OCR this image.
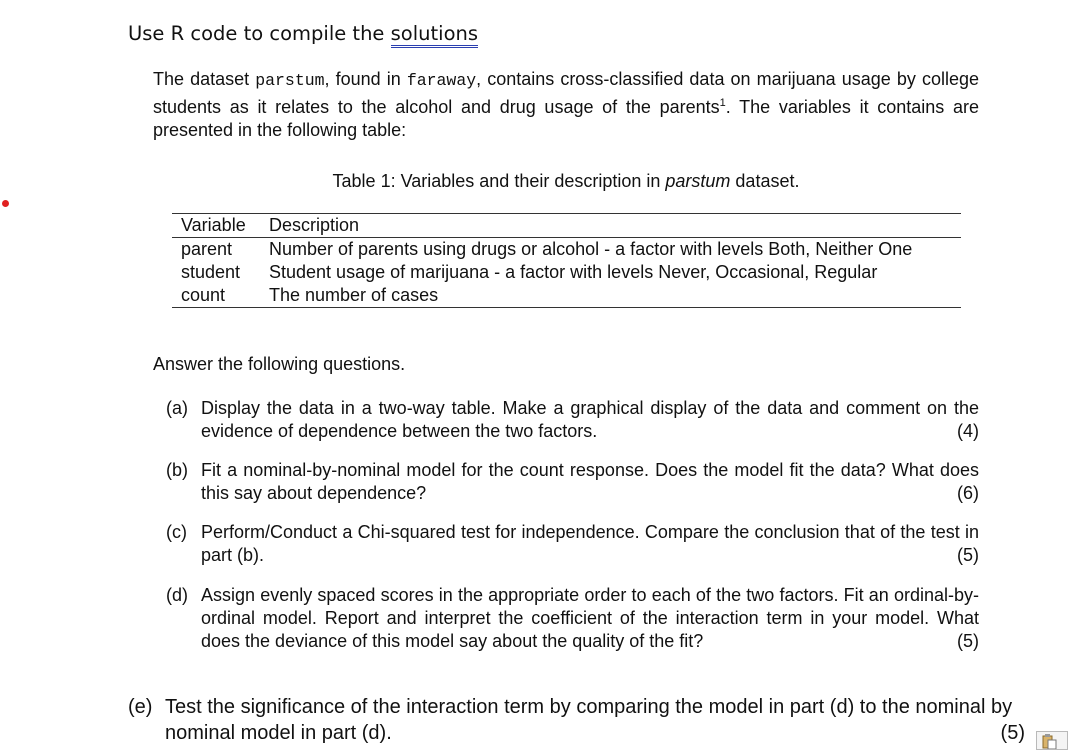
Use R code to compile the solutions
The dataset parstum, found in faraway, contains cross-classified data on marijuana usage by college students as it relates to the alcohol and drug usage of the parents$^1$. The variables it contains are presented in the following table:
Table 1: Variables and their description in parstum dataset.
Variable	Description
parent	Number of parents using drugs or alcohol - a factor with levels Both, Neither One
student	Student usage of marijuana - a factor with levels Never, Occasional, Regular
count	The number of cases
Answer the following questions.
(a) Display the data in a two-way table. Make a graphical display of the data and comment on the evidence of dependence between the two factors.	(4)
(b) Fit a nominal-by-nominal model for the count response. Does the model fit the data? What does this say about dependence?	(6)
(c) Perform/Conduct a Chi-squared test for independence. Compare the conclusion that of the test in part (b).	(5)
(d) Assign evenly spaced scores in the appropriate order to each of the two factors. Fit an ordinal-by-ordinal model. Report and interpret the coefficient of the interaction term in your model. What does the deviance of this model say about the quality of the fit?	(5)
(e) Test the significance of the interaction term by comparing the model in part (d) to the nominal by nominal model in part (d).	(5)
